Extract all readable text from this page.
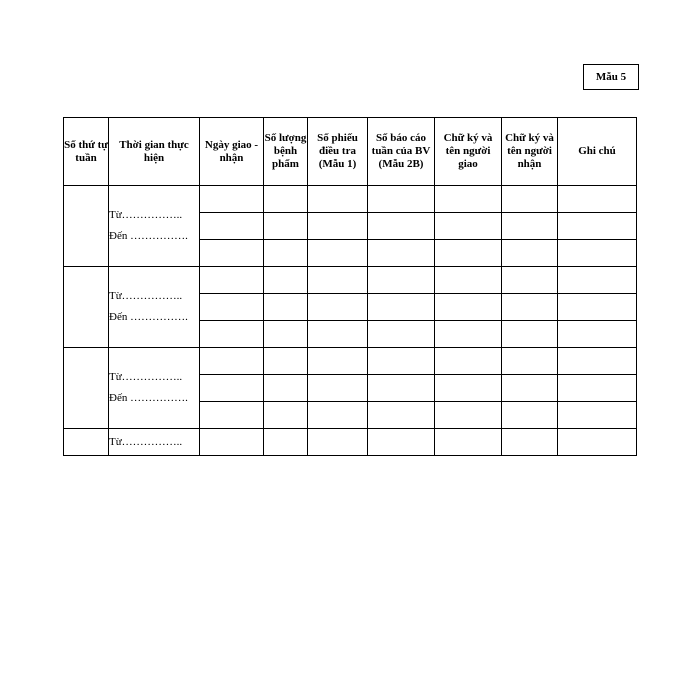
Mẫu 5
Số thứ tự tuần	Thời gian thực hiện	Ngày giao - nhận	Số lượng bệnh phẩm	Số phiếu điều tra (Mẫu 1)	Số báo cáo tuần của BV (Mẫu 2B)	Chữ ký và tên người giao	Chữ ký và tên người nhận	Ghi chú

	Từ……………..
Đến …………….							

	Từ……………..
Đến …………….							

	Từ……………..
Đến …………….							

	Từ……………..							
